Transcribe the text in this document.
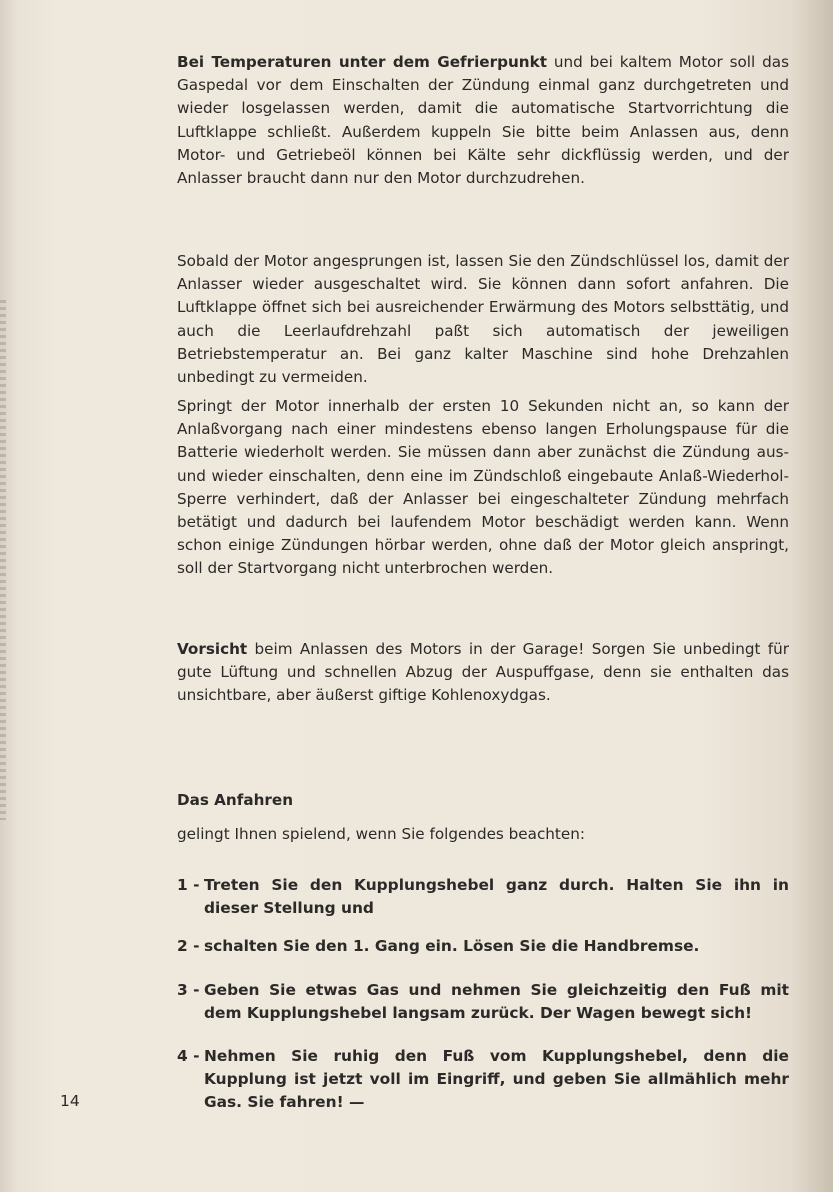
Bei Temperaturen unter dem Gefrierpunkt und bei kaltem Motor soll das Gaspedal vor dem Einschalten der Zündung einmal ganz durchgetreten und wieder losgelassen werden, damit die automatische Startvorrichtung die Luftklappe schließt. Außerdem kuppeln Sie bitte beim Anlassen aus, denn Motor- und Getriebeöl können bei Kälte sehr dickflüssig werden, und der Anlasser braucht dann nur den Motor durchzudrehen.

Sobald der Motor angesprungen ist, lassen Sie den Zündschlüssel los, damit der Anlasser wieder ausgeschaltet wird. Sie können dann sofort anfahren. Die Luftklappe öffnet sich bei ausreichender Erwärmung des Motors selbsttätig, und auch die Leerlaufdrehzahl paßt sich automatisch der jeweiligen Betriebstemperatur an. Bei ganz kalter Maschine sind hohe Drehzahlen unbedingt zu vermeiden.

Springt der Motor innerhalb der ersten 10 Sekunden nicht an, so kann der Anlaßvorgang nach einer mindestens ebenso langen Erholungspause für die Batterie wiederholt werden. Sie müssen dann aber zunächst die Zündung aus- und wieder einschalten, denn eine im Zündschloß eingebaute Anlaß-Wiederhol-Sperre verhindert, daß der Anlasser bei eingeschalteter Zündung mehrfach betätigt und dadurch bei laufendem Motor beschädigt werden kann. Wenn schon einige Zündungen hörbar werden, ohne daß der Motor gleich anspringt, soll der Startvorgang nicht unterbrochen werden.

Vorsicht beim Anlassen des Motors in der Garage! Sorgen Sie unbedingt für gute Lüftung und schnellen Abzug der Auspuffgase, denn sie enthalten das unsichtbare, aber äußerst giftige Kohlenoxydgas.

Das Anfahren

gelingt Ihnen spielend, wenn Sie folgendes beachten:

1 - Treten Sie den Kupplungshebel ganz durch. Halten Sie ihn in dieser Stellung und
2 - schalten Sie den 1. Gang ein. Lösen Sie die Handbremse.
3 - Geben Sie etwas Gas und nehmen Sie gleichzeitig den Fuß mit dem Kupplungshebel langsam zurück. Der Wagen bewegt sich!
4 - Nehmen Sie ruhig den Fuß vom Kupplungshebel, denn die Kupplung ist jetzt voll im Eingriff, und geben Sie allmählich mehr Gas. Sie fahren! —
14
